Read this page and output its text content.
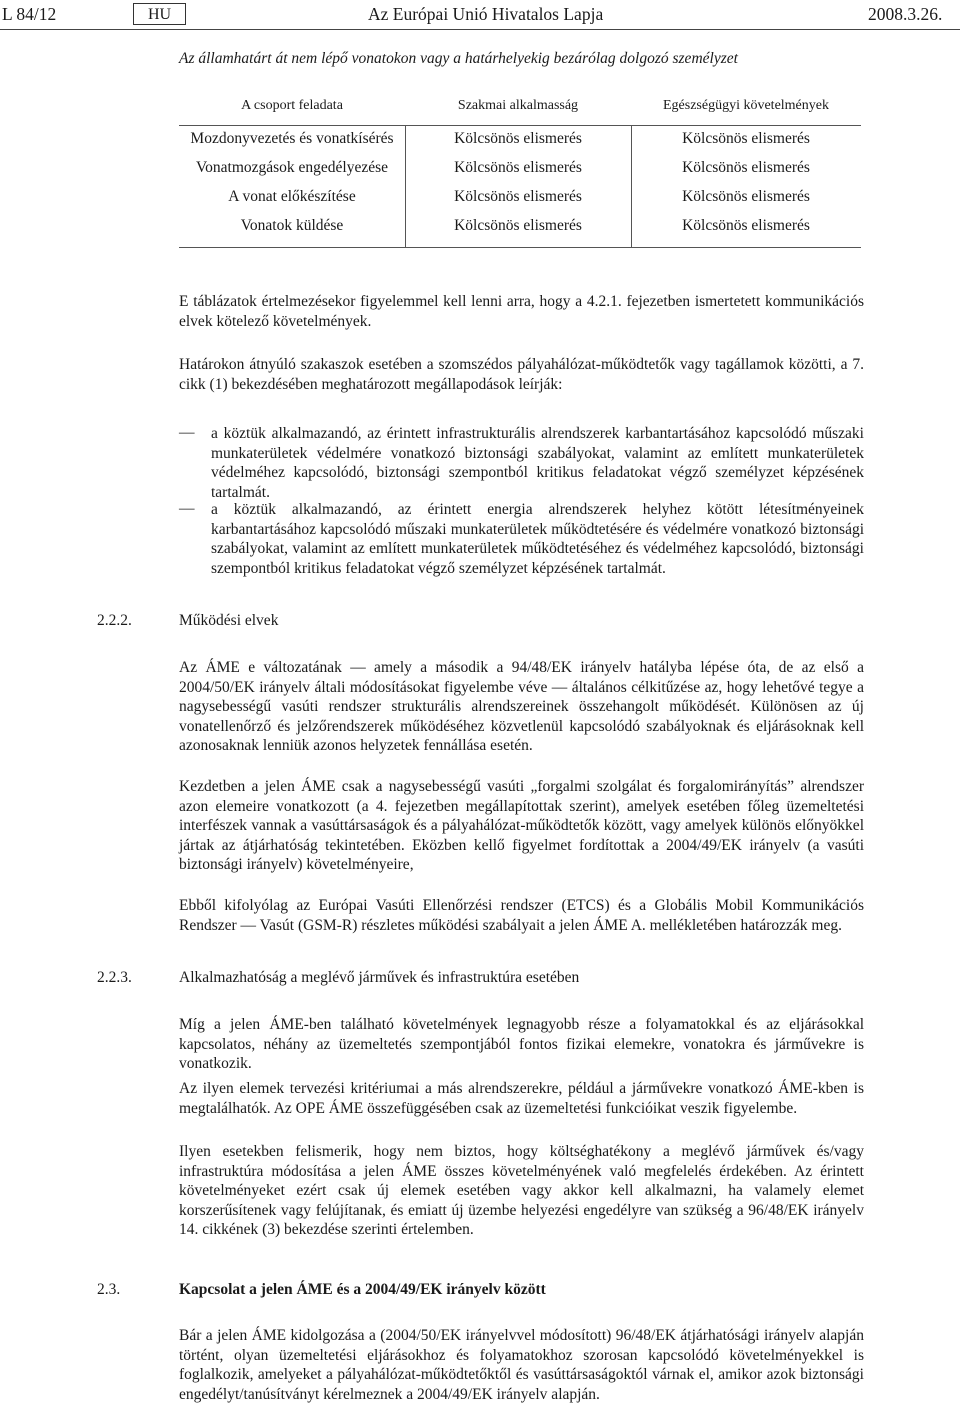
L 84/12	HU	Az Európai Unió Hivatalos Lapja	2008.3.26.
Az államhatárt át nem lépő vonatokon vagy a határhelyekig bezárólag dolgozó személyzet
A csoport feladata	Szakmai alkalmasság	Egészségügyi követelmények
Mozdonyvezetés és vonatkísérés	Kölcsönös elismerés	Kölcsönös elismerés
Vonatmozgások engedélyezése	Kölcsönös elismerés	Kölcsönös elismerés
A vonat előkészítése	Kölcsönös elismerés	Kölcsönös elismerés
Vonatok küldése	Kölcsönös elismerés	Kölcsönös elismerés

E táblázatok értelmezésekor figyelemmel kell lenni arra, hogy a 4.2.1. fejezetben ismertetett kommunikációs elvek kötelező követelmények.

Határokon átnyúló szakaszok esetében a szomszédos pályahálózat-működtetők vagy tagállamok közötti, a 7. cikk (1) bekezdésében meghatározott megállapodások leírják:

— a köztük alkalmazandó, az érintett infrastrukturális alrendszerek karbantartásához kapcsolódó műszaki munkaterületek védelmére vonatkozó biztonsági szabályokat, valamint az említett munkaterületek védelméhez kapcsolódó, biztonsági szempontból kritikus feladatokat végző személyzet képzésének tartalmát.

— a köztük alkalmazandó, az érintett energia alrendszerek helyhez kötött létesítményeinek karbantartásához kapcsolódó műszaki munkaterületek működtetésére és védelmére vonatkozó biztonsági szabályokat, valamint az említett munkaterületek működtetéséhez és védelméhez kapcsolódó, biztonsági szempontból kritikus feladatokat végző személyzet képzésének tartalmát.

2.2.2.	Működési elvek

Az ÁME e változatának — amely a második a 94/48/EK irányelv hatályba lépése óta, de az első a 2004/50/EK irányelv általi módosításokat figyelembe véve — általános célkitűzése az, hogy lehetővé tegye a nagysebességű vasúti rendszer strukturális alrendszereinek összehangolt működését. Különösen az új vonatellenőrző és jelzőrendszerek működéséhez közvetlenül kapcsolódó szabályoknak és eljárásoknak kell azonosaknak lenniük azonos helyzetek fennállása esetén.

Kezdetben a jelen ÁME csak a nagysebességű vasúti „forgalmi szolgálat és forgalomirányítás” alrendszer azon elemeire vonatkozott (a 4. fejezetben megállapítottak szerint), amelyek esetében főleg üzemeltetési interfészek vannak a vasúttársaságok és a pályahálózat-működtetők között, vagy amelyek különös előnyökkel jártak az átjárhatóság tekintetében. Eközben kellő figyelmet fordítottak a 2004/49/EK irányelv (a vasúti biztonsági irányelv) követelményeire,

Ebből kifolyólag az Európai Vasúti Ellenőrzési rendszer (ETCS) és a Globális Mobil Kommunikációs Rendszer — Vasút (GSM-R) részletes működési szabályait a jelen ÁME A. mellékletében határozzák meg.

2.2.3.	Alkalmazhatóság a meglévő járművek és infrastruktúra esetében

Míg a jelen ÁME-ben található követelmények legnagyobb része a folyamatokkal és az eljárásokkal kapcsolatos, néhány az üzemeltetés szempontjából fontos fizikai elemekre, vonatokra és járművekre is vonatkozik.

Az ilyen elemek tervezési kritériumai a más alrendszerekre, például a járművekre vonatkozó ÁME-kben is megtalálhatók. Az OPE ÁME összefüggésében csak az üzemeltetési funkcióikat veszik figyelembe.

Ilyen esetekben felismerik, hogy nem biztos, hogy költséghatékony a meglévő járművek és/vagy infrastruktúra módosítása a jelen ÁME összes követelményének való megfelelés érdekében. Az érintett követelményeket ezért csak új elemek esetében vagy akkor kell alkalmazni, ha valamely elemet korszerűsítenek vagy felújítanak, és emiatt új üzembe helyezési engedélyre van szükség a 96/48/EK irányelv 14. cikkének (3) bekezdése szerinti értelemben.

2.3.	Kapcsolat a jelen ÁME és a 2004/49/EK irányelv között

Bár a jelen ÁME kidolgozása a (2004/50/EK irányelvvel módosított) 96/48/EK átjárhatósági irányelv alapján történt, olyan üzemeltetési eljárásokhoz és folyamatokhoz szorosan kapcsolódó követelményekkel is foglalkozik, amelyeket a pályahálózat-működtetőktől és vasúttársaságoktól várnak el, amikor azok biztonsági engedélyt/tanúsítványt kérelmeznek a 2004/49/EK irányelv alapján.
